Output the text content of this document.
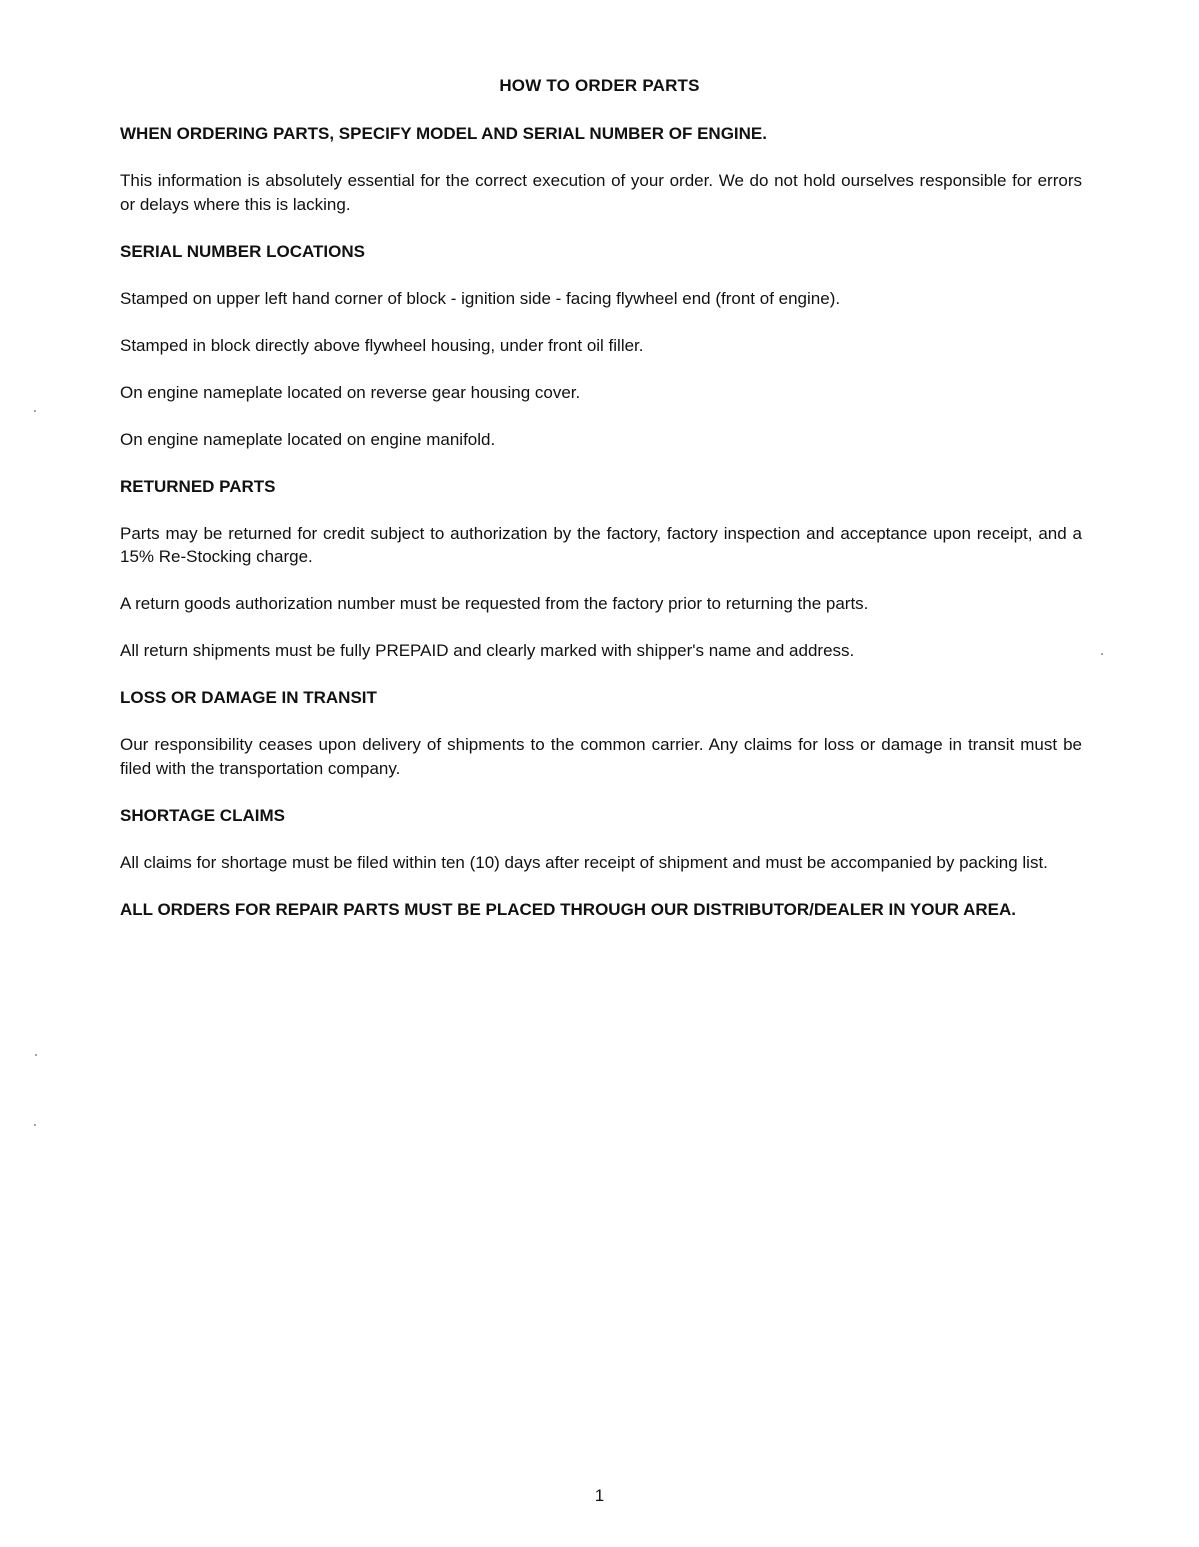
HOW TO ORDER PARTS

WHEN ORDERING PARTS, SPECIFY MODEL AND SERIAL NUMBER OF ENGINE.

This information is absolutely essential for the correct execution of your order. We do not hold ourselves responsible for errors or delays where this is lacking.

SERIAL NUMBER LOCATIONS

Stamped on upper left hand corner of block - ignition side - facing flywheel end (front of engine).

Stamped in block directly above flywheel housing, under front oil filler.

On engine nameplate located on reverse gear housing cover.

On engine nameplate located on engine manifold.

RETURNED PARTS

Parts may be returned for credit subject to authorization by the factory, factory inspection and acceptance upon receipt, and a 15% Re-Stocking charge.

A return goods authorization number must be requested from the factory prior to returning the parts.

All return shipments must be fully PREPAID and clearly marked with shipper's name and address.

LOSS OR DAMAGE IN TRANSIT

Our responsibility ceases upon delivery of shipments to the common carrier. Any claims for loss or damage in transit must be filed with the transportation company.

SHORTAGE CLAIMS

All claims for shortage must be filed within ten (10) days after receipt of shipment and must be accompanied by packing list.

ALL ORDERS FOR REPAIR PARTS MUST BE PLACED THROUGH OUR DISTRIBUTOR/DEALER IN YOUR AREA.

1
